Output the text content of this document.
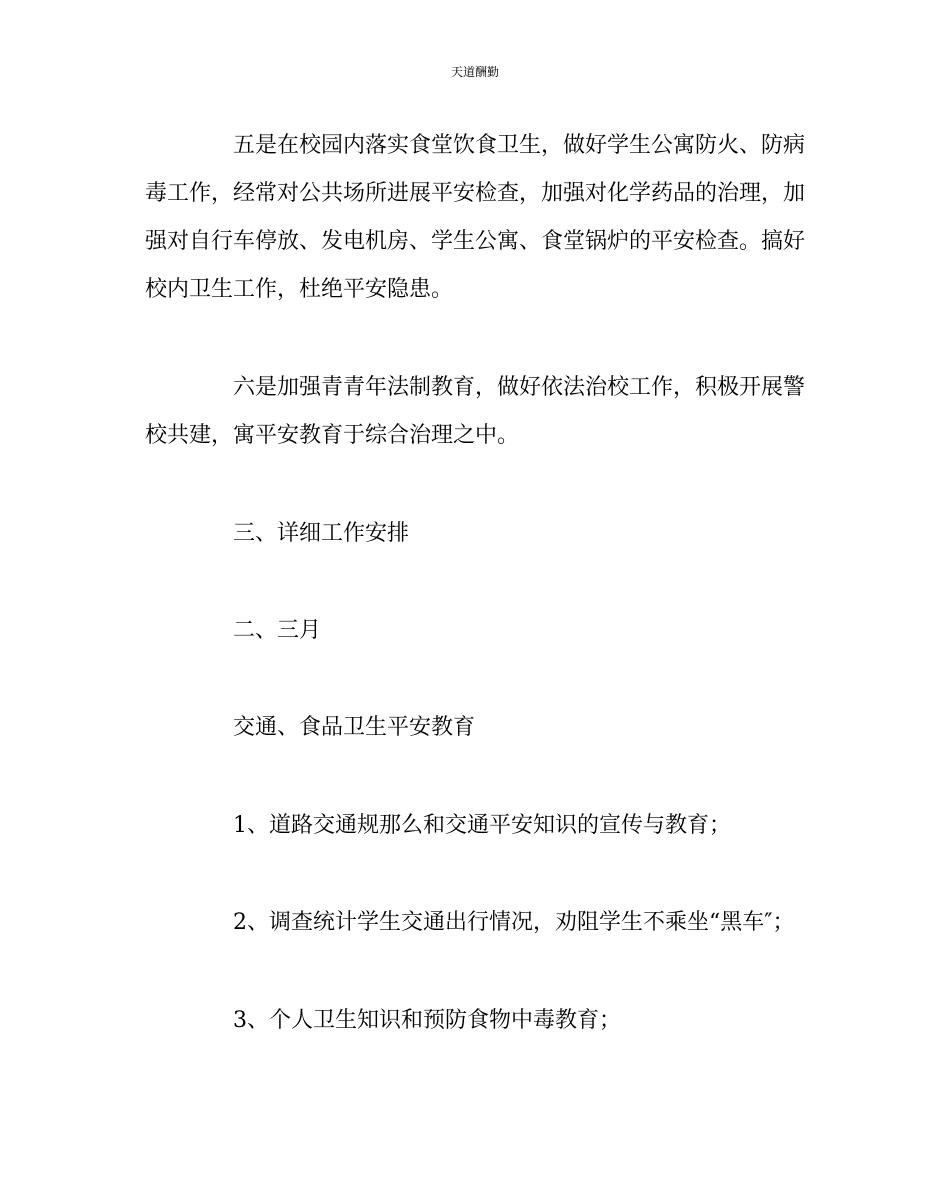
天道酬勤

五是在校园内落实食堂饮食卫生，做好学生公寓防火、防病毒工作，经常对公共场所进展平安检查，加强对化学药品的治理，加强对自行车停放、发电机房、学生公寓、食堂锅炉的平安检查。搞好校内卫生工作，杜绝平安隐患。

六是加强青青年法制教育，做好依法治校工作，积极开展警校共建，寓平安教育于综合治理之中。

三、详细工作安排

二、三月

交通、食品卫生平安教育

1、道路交通规那么和交通平安知识的宣传与教育；

2、调查统计学生交通出行情况，劝阻学生不乘坐“黑车″；

3、个人卫生知识和预防食物中毒教育；
